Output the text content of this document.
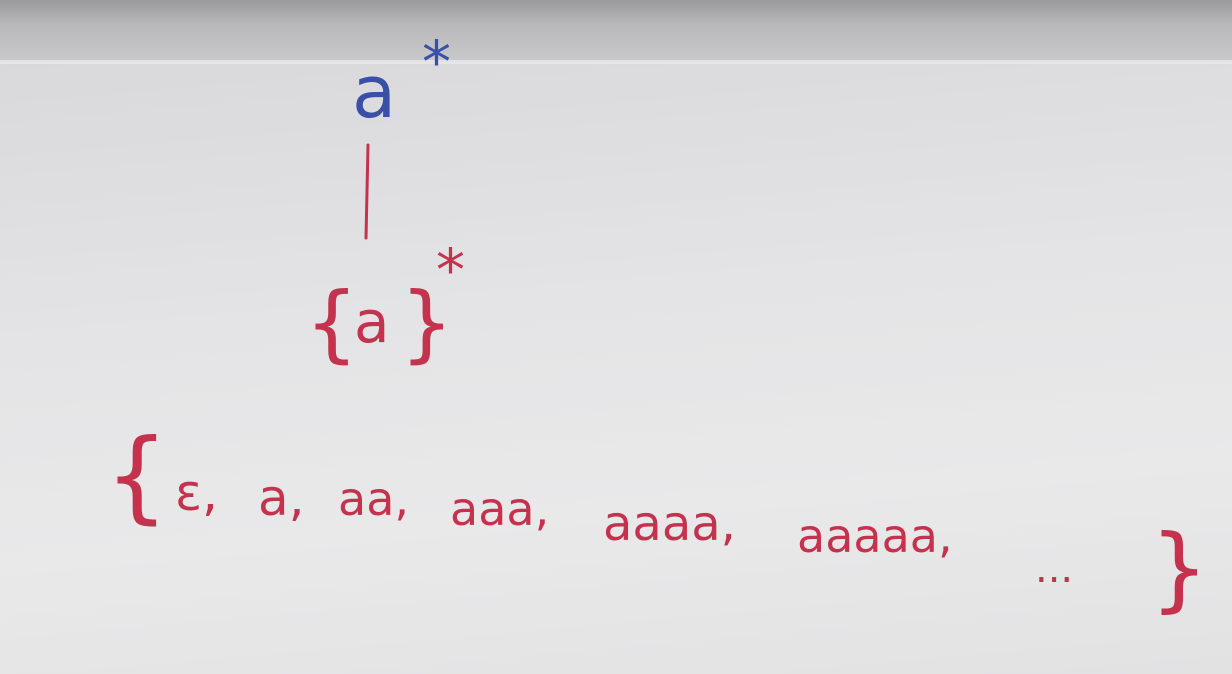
a *
{
a }
*
{ ε, a, aa, aaa, aaaa, aaaaa,
... }
